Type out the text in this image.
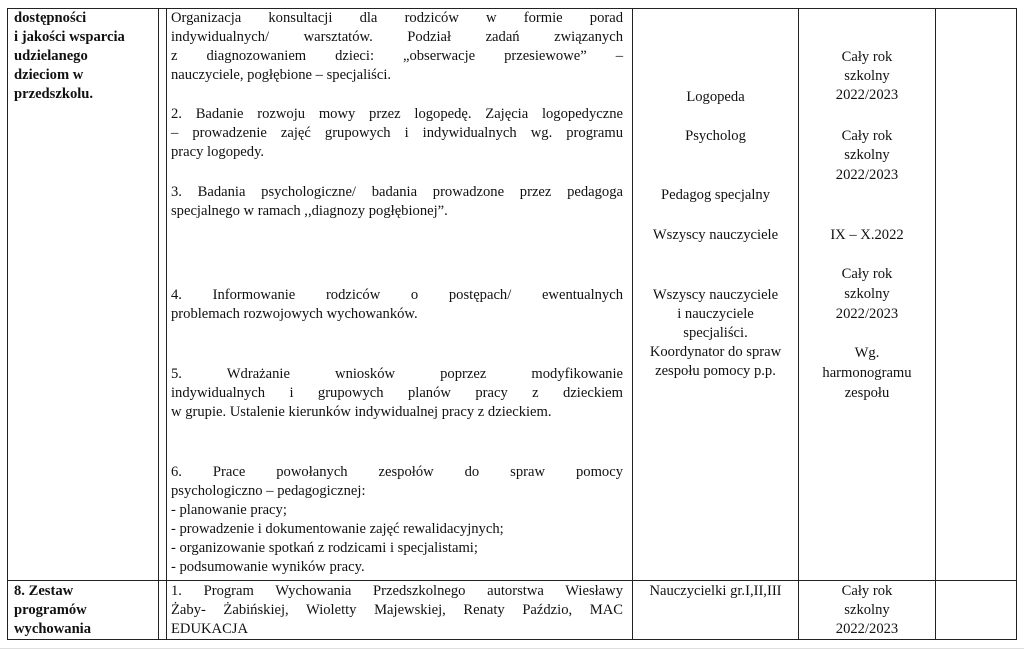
dostępności
i jakości wsparcia
udzielanego
dzieciom w
przedszkolu.
Organizacja konsultacji dla rodziców w formie porad
indywidualnych/ warsztatów. Podział zadań związanych
z diagnozowaniem dzieci: „obserwacje przesiewowe” –
nauczyciele, pogłębione – specjaliści.
2. Badanie rozwoju mowy przez logopedę. Zajęcia logopedyczne
– prowadzenie zajęć grupowych i indywidualnych wg. programu
pracy logopedy.
3. Badania psychologiczne/ badania prowadzone przez pedagoga
specjalnego w ramach ,,diagnozy pogłębionej”.
4. Informowanie rodziców o postępach/ ewentualnych
problemach rozwojowych wychowanków.
5. Wdrażanie wniosków poprzez modyfikowanie
indywidualnych i grupowych planów pracy z dzieckiem
w grupie. Ustalenie kierunków indywidualnej pracy z dzieckiem.
6. Prace powołanych zespołów do spraw pomocy
psychologiczno – pedagogicznej:
- planowanie pracy;
- prowadzenie i dokumentowanie zajęć rewalidacyjnych;
- organizowanie spotkań z rodzicami i specjalistami;
- podsumowanie wyników pracy.
Logopeda
Psycholog
Pedagog specjalny
Wszyscy nauczyciele
Wszyscy nauczyciele
i nauczyciele
specjaliści.
Koordynator do spraw
zespołu pomocy p.p.
Cały rok
szkolny
2022/2023
Cały rok
szkolny
2022/2023
IX – X.2022
Cały rok
szkolny
2022/2023
Wg.
harmonogramu
zespołu
8. Zestaw
programów
wychowania
1. Program Wychowania Przedszkolnego autorstwa Wiesławy
Żaby- Żabińskiej, Wioletty Majewskiej, Renaty Paździo, MAC
EDUKACJA
Nauczycielki gr.I,II,III	Cały rok
szkolny
2022/2023
